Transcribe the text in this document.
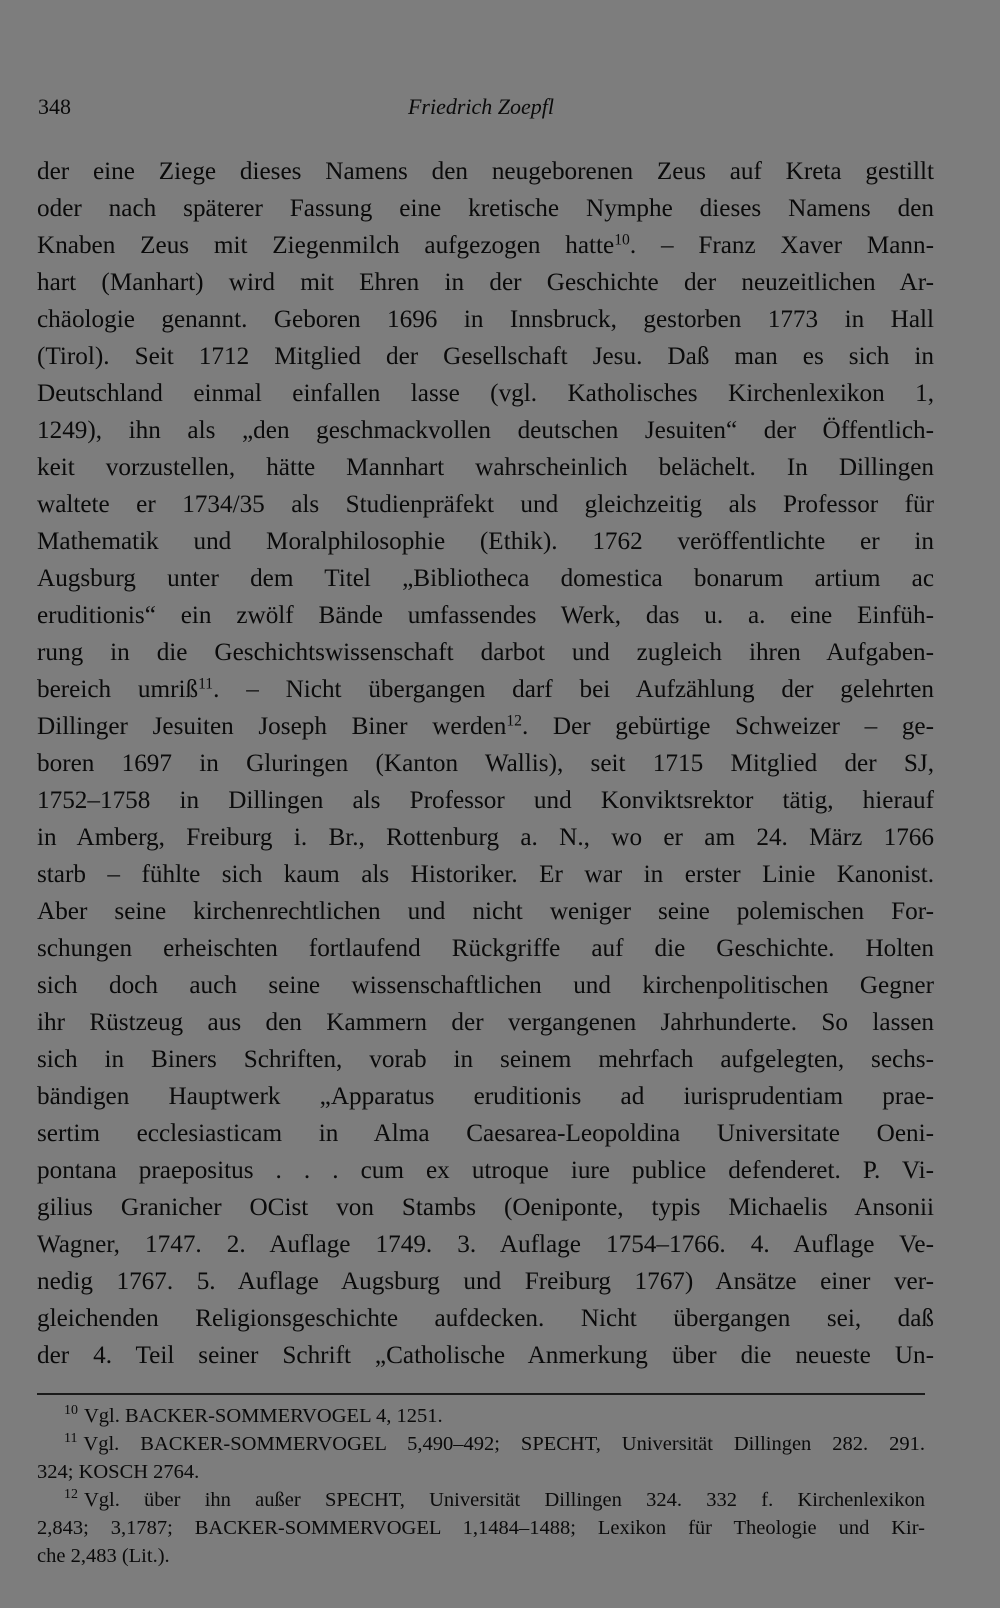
348	Friedrich Zoepfl
der eine Ziege dieses Namens den neugeborenen Zeus auf Kreta gestillt
oder nach späterer Fassung eine kretische Nymphe dieses Namens den
Knaben Zeus mit Ziegenmilch aufgezogen hatte$^{10}$. – Franz Xaver Mann-
hart (Manhart) wird mit Ehren in der Geschichte der neuzeitlichen Ar-
chäologie genannt. Geboren 1696 in Innsbruck, gestorben 1773 in Hall
(Tirol). Seit 1712 Mitglied der Gesellschaft Jesu. Daß man es sich in
Deutschland einmal einfallen lasse (vgl. Katholisches Kirchenlexikon 1,
1249), ihn als „den geschmackvollen deutschen Jesuiten“ der Öffentlich-
keit vorzustellen, hätte Mannhart wahrscheinlich belächelt. In Dillingen
waltete er 1734/35 als Studienpräfekt und gleichzeitig als Professor für
Mathematik und Moralphilosophie (Ethik). 1762 veröffentlichte er in
Augsburg unter dem Titel „Bibliotheca domestica bonarum artium ac
eruditionis“ ein zwölf Bände umfassendes Werk, das u. a. eine Einfüh-
rung in die Geschichtswissenschaft darbot und zugleich ihren Aufgaben-
bereich umriß$^{11}$. – Nicht übergangen darf bei Aufzählung der gelehrten
Dillinger Jesuiten Joseph Biner werden$^{12}$. Der gebürtige Schweizer – ge-
boren 1697 in Gluringen (Kanton Wallis), seit 1715 Mitglied der SJ,
1752–1758 in Dillingen als Professor und Konviktsrektor tätig, hierauf
in Amberg, Freiburg i. Br., Rottenburg a. N., wo er am 24. März 1766
starb – fühlte sich kaum als Historiker. Er war in erster Linie Kanonist.
Aber seine kirchenrechtlichen und nicht weniger seine polemischen For-
schungen erheischten fortlaufend Rückgriffe auf die Geschichte. Holten
sich doch auch seine wissenschaftlichen und kirchenpolitischen Gegner
ihr Rüstzeug aus den Kammern der vergangenen Jahrhunderte. So lassen
sich in Biners Schriften, vorab in seinem mehrfach aufgelegten, sechs-
bändigen Hauptwerk „Apparatus eruditionis ad iurisprudentiam prae-
sertim ecclesiasticam in Alma Caesarea-Leopoldina Universitate Oeni-
pontana praepositus . . . cum ex utroque iure publice defenderet. P. Vi-
gilius Granicher OCist von Stambs (Oeniponte, typis Michaelis Ansonii
Wagner, 1747. 2. Auflage 1749. 3. Auflage 1754–1766. 4. Auflage Ve-
nedig 1767. 5. Auflage Augsburg und Freiburg 1767) Ansätze einer ver-
gleichenden Religionsgeschichte aufdecken. Nicht übergangen sei, daß
der 4. Teil seiner Schrift „Catholische Anmerkung über die neueste Un-
$^{10}$ Vgl. BACKER-SOMMERVOGEL 4, 1251.
$^{11}$ Vgl. BACKER-SOMMERVOGEL 5,490–492; SPECHT, Universität Dillingen 282. 291.
324; KOSCH 2764.
$^{12}$ Vgl. über ihn außer SPECHT, Universität Dillingen 324. 332 f. Kirchenlexikon
2,843; 3,1787; BACKER-SOMMERVOGEL 1,1484–1488; Lexikon für Theologie und Kir-
che 2,483 (Lit.).
